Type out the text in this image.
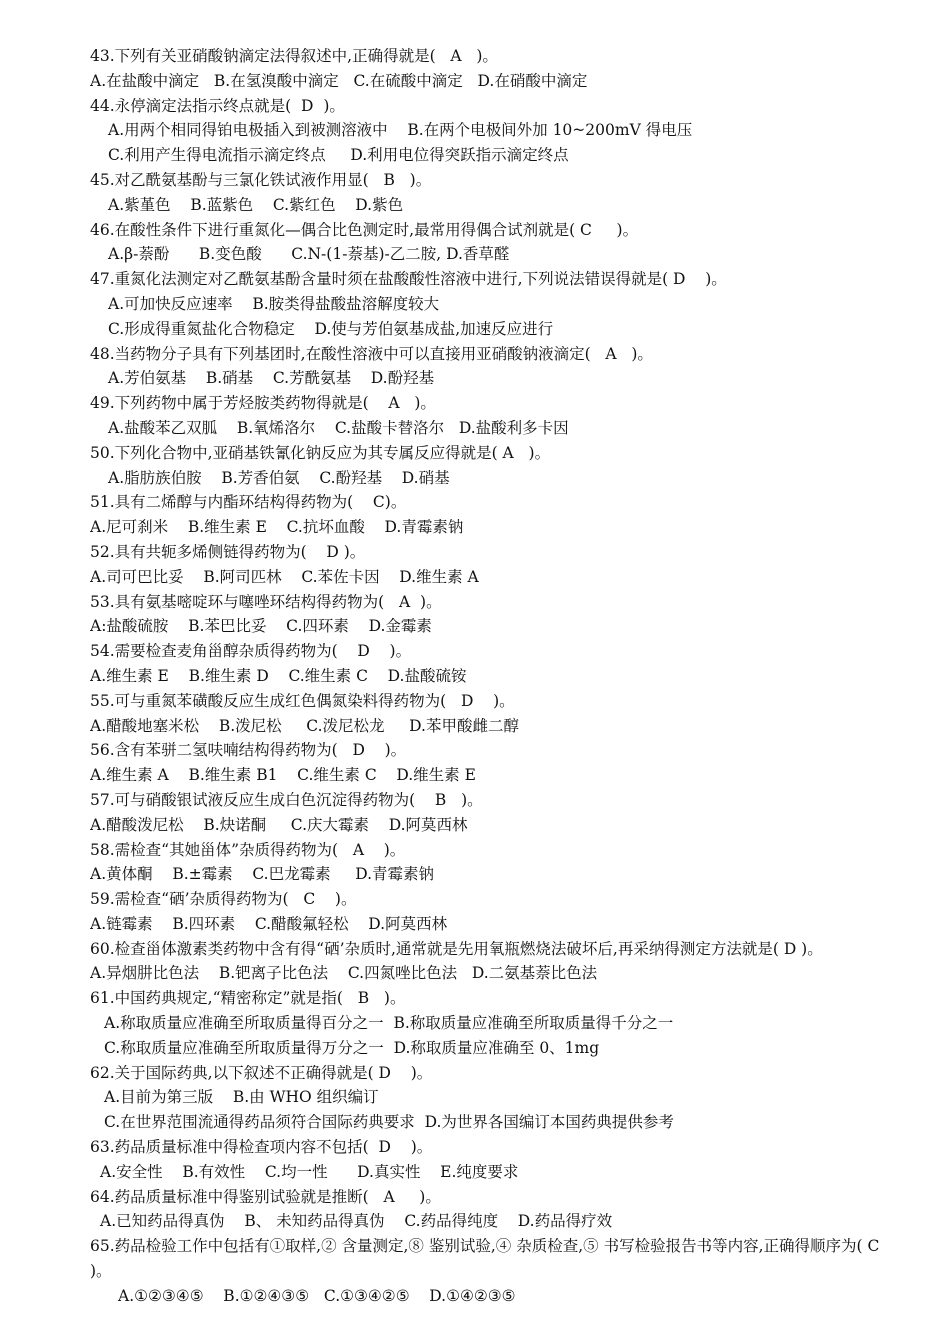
43.下列有关亚硝酸钠滴定法得叙述中,正确得就是(   A   )。
A.在盐酸中滴定   B.在氢溴酸中滴定   C.在硫酸中滴定   D.在硝酸中滴定
44.永停滴定法指示终点就是(  D  )。
A.用两个相同得铂电极插入到被测溶液中    B.在两个电极间外加 10~200mV 得电压
C.利用产生得电流指示滴定终点     D.利用电位得突跃指示滴定终点
45.对乙酰氨基酚与三氯化铁试液作用显(   B   )。
A.紫堇色    B.蓝紫色    C.紫红色    D.紫色
46.在酸性条件下进行重氮化—偶合比色测定时,最常用得偶合试剂就是( C     )。
A.β-萘酚      B.变色酸      C.N-(1-萘基)-乙二胺, D.香草醛
47.重氮化法测定对乙酰氨基酚含量时须在盐酸酸性溶液中进行,下列说法错误得就是( D    )。
A.可加快反应速率    B.胺类得盐酸盐溶解度较大
C.形成得重氮盐化合物稳定    D.使与芳伯氨基成盐,加速反应进行
48.当药物分子具有下列基团时,在酸性溶液中可以直接用亚硝酸钠液滴定(   A   )。
A.芳伯氨基    B.硝基    C.芳酰氨基    D.酚羟基
49.下列药物中属于芳烃胺类药物得就是(    A   )。
A.盐酸苯乙双胍    B.氧烯洛尔    C.盐酸卡替洛尔   D.盐酸利多卡因
50.下列化合物中,亚硝基铁氰化钠反应为其专属反应得就是( A   )。
A.脂肪族伯胺    B.芳香伯氨    C.酚羟基    D.硝基
51.具有二烯醇与内酯环结构得药物为(    C)。
A.尼可刹米    B.维生素 E    C.抗坏血酸    D.青霉素钠
52.具有共轭多烯侧链得药物为(    D )。
A.司可巴比妥    B.阿司匹林    C.苯佐卡因    D.维生素 A
53.具有氨基嘧啶环与噻唑环结构得药物为(   A  )。
A:盐酸硫胺    B.苯巴比妥    C.四环素    D.金霉素
54.需要检查麦角甾醇杂质得药物为(    D    )。
A.维生素 E    B.维生素 D    C.维生素 C    D.盐酸硫铵
55.可与重氮苯磺酸反应生成红色偶氮染料得药物为(   D    )。
A.醋酸地塞米松    B.泼尼松     C.泼尼松龙     D.苯甲酸雌二醇
56.含有苯骈二氢呋喃结构得药物为(   D    )。
A.维生素 A    B.维生素 B1    C.维生素 C    D.维生素 E
57.可与硝酸银试液反应生成白色沉淀得药物为(    B   )。
A.醋酸泼尼松    B.炔诺酮     C.庆大霉素    D.阿莫西林
58.需检查“其她甾体”杂质得药物为(   A    )。
A.黄体酮    B.±霉素    C.巴龙霉素     D.青霉素钠
59.需检查“硒’杂质得药物为(   C    )。
A.链霉素    B.四环素    C.醋酸氟轻松    D.阿莫西林
60.检查甾体激素类药物中含有得“硒’杂质时,通常就是先用氧瓶燃烧法破坏后,再采纳得测定方法就是( D )。
A.异烟肼比色法    B.钯离子比色法    C.四氮唑比色法   D.二氨基萘比色法
61.中国药典规定,“精密称定”就是指(   B   )。
A.称取质量应准确至所取质量得百分之一  B.称取质量应准确至所取质量得千分之一
C.称取质量应准确至所取质量得万分之一  D.称取质量应准确至 0、1mg
62.关于国际药典,以下叙述不正确得就是( D    )。
A.目前为第三版    B.由 WHO 组织编订
C.在世界范围流通得药品须符合国际药典要求  D.为世界各国编订本国药典提供参考
63.药品质量标准中得检查项内容不包括(  D    )。
A.安全性    B.有效性    C.均一性      D.真实性    E.纯度要求
64.药品质量标准中得鉴别试验就是推断(   A     )。
A.已知药品得真伪    B、 未知药品得真伪    C.药品得纯度    D.药品得疗效
65.药品检验工作中包括有①取样,② 含量测定,⑧ 鉴别试验,④ 杂质检查,⑤ 书写检验报告书等内容,正确得顺序为( C )。
A.①②③④⑤    B.①②④③⑤   C.①③④②⑤    D.①④②③⑤
